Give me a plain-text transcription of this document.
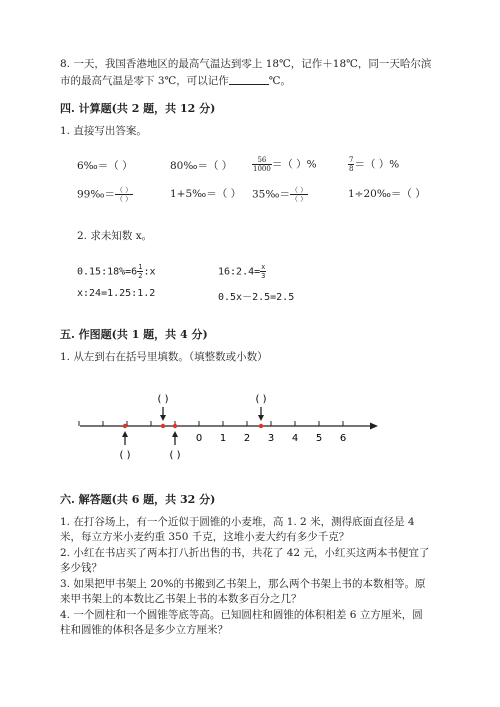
8. 一天，我国香港地区的最高气温达到零上 18℃，记作＋18℃，同一天哈尔滨
市的最高气温是零下 3℃，可以记作	℃。
四. 计算题(共 2 题，共 12 分)
1. 直接写出答案。
6‰＝（ ）	80‰＝（ ）	$\frac{56}{1000}$ ＝（ ）%	$\frac{7}{8}$ ＝（ ）%
99‰＝ $\frac{( )}{( )}$	1+5‰＝（ ） 35‰＝ $\frac{( )}{( )}$	1÷20‰＝（ ）
2. 求未知数 x。
0.15:18%=6 $\frac{1}{2}$ :x	16:2.4= $\frac{x}{3}$
x:24=1.25:1.2	0.5x－2.5=2.5
五. 作图题(共 1 题，共 4 分)
1. 从左到右在括号里填数。（填整数或小数）
0 1 2 3 4 5 6
( )	( )
( )	( )
六. 解答题(共 6 题，共 32 分)
1. 在打谷场上，有一个近似于圆锥的小麦堆，高 1. 2 米，测得底面直径是 4
米，每立方米小麦约重 350 千克，这堆小麦大约有多少千克？
2. 小红在书店买了两本打八折出售的书，共花了 42 元，小红买这两本书便宜了
多少钱？
3. 如果把甲书架上 20%的书搬到乙书架上，那么两个书架上书的本数相等。原
来甲书架上的本数比乙书架上书的本数多百分之几？
4. 一个圆柱和一个圆锥等底等高。已知圆柱和圆锥的体积相差 6 立方厘米，圆
柱和圆锥的体积各是多少立方厘米？
